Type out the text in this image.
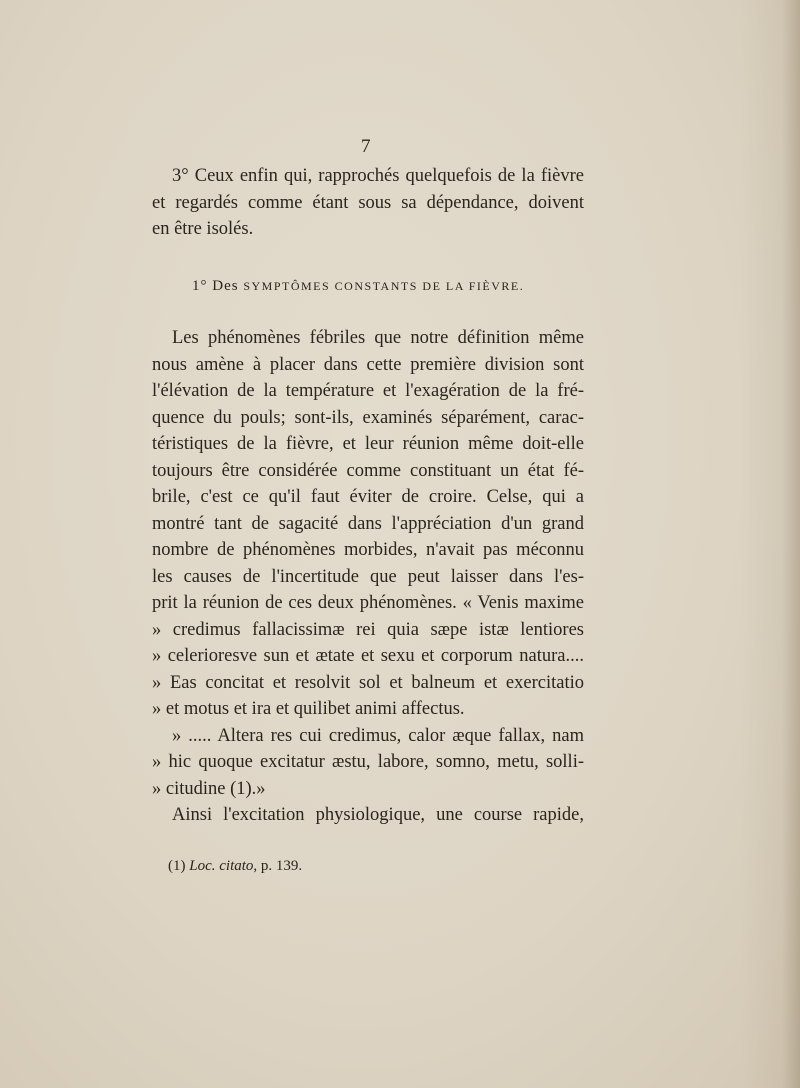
7
3° Ceux enfin qui, rapprochés quelquefois de la fièvre
et regardés comme étant sous sa dépendance, doivent
en être isolés.
1° Des SYMPTÔMES CONSTANTS DE LA FIÈVRE.
Les phénomènes fébriles que notre définition même
nous amène à placer dans cette première division sont
l'élévation de la température et l'exagération de la fré-
quence du pouls; sont-ils, examinés séparément, carac-
téristiques de la fièvre, et leur réunion même doit-elle
toujours être considérée comme constituant un état fé-
brile, c'est ce qu'il faut éviter de croire. Celse, qui a
montré tant de sagacité dans l'appréciation d'un grand
nombre de phénomènes morbides, n'avait pas méconnu
les causes de l'incertitude que peut laisser dans l'es-
prit la réunion de ces deux phénomènes. « Venis maxime
» credimus fallacissimæ rei quia sæpe istæ lentiores
» celerioresve sun et ætate et sexu et corporum natura....
» Eas concitat et resolvit sol et balneum et exercitatio
» et motus et ira et quilibet animi affectus.
» ..... Altera res cui credimus, calor æque fallax, nam
» hic quoque excitatur æstu, labore, somno, metu, solli-
» citudine (1).»
Ainsi l'excitation physiologique, une course rapide,
(1) Loc. citato, p. 139.
